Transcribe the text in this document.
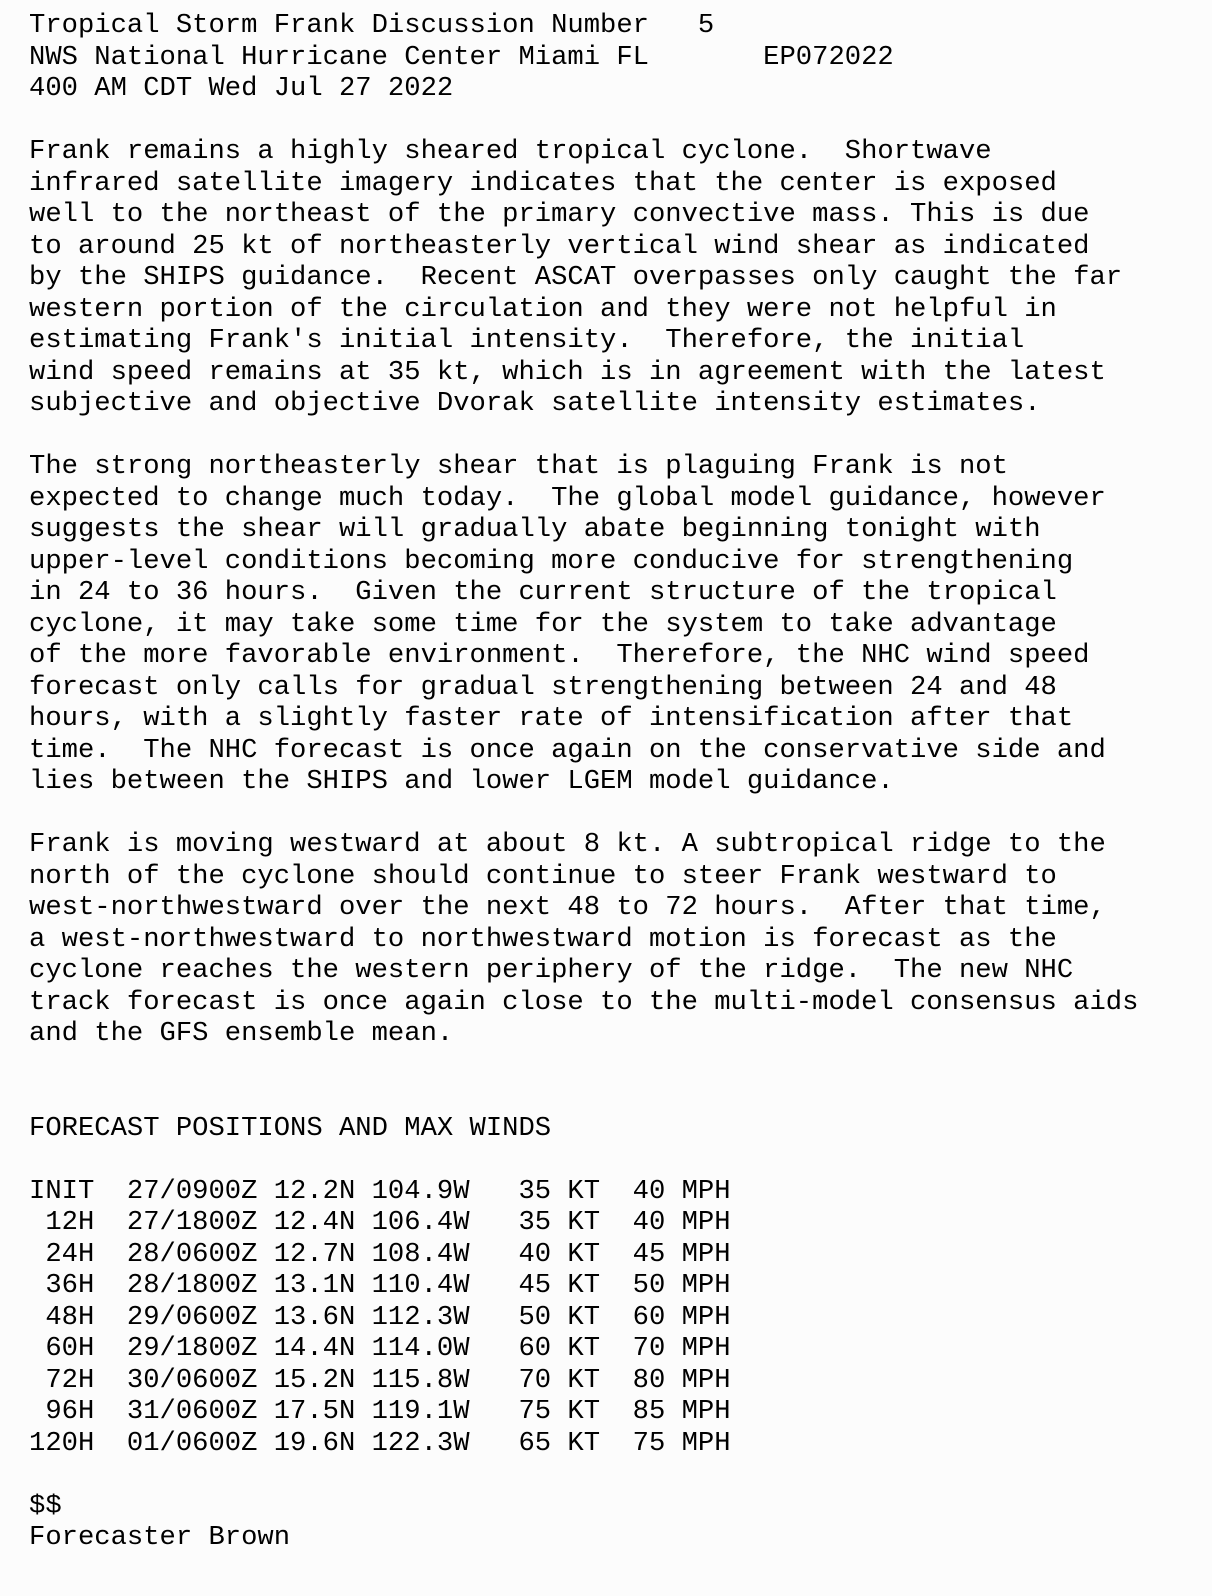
Tropical Storm Frank Discussion Number   5
NWS National Hurricane Center Miami FL       EP072022
400 AM CDT Wed Jul 27 2022
Frank remains a highly sheared tropical cyclone.  Shortwave
infrared satellite imagery indicates that the center is exposed
well to the northeast of the primary convective mass. This is due
to around 25 kt of northeasterly vertical wind shear as indicated
by the SHIPS guidance.  Recent ASCAT overpasses only caught the far
western portion of the circulation and they were not helpful in
estimating Frank's initial intensity.  Therefore, the initial
wind speed remains at 35 kt, which is in agreement with the latest
subjective and objective Dvorak satellite intensity estimates.
The strong northeasterly shear that is plaguing Frank is not
expected to change much today.  The global model guidance, however
suggests the shear will gradually abate beginning tonight with
upper-level conditions becoming more conducive for strengthening
in 24 to 36 hours.  Given the current structure of the tropical
cyclone, it may take some time for the system to take advantage
of the more favorable environment.  Therefore, the NHC wind speed
forecast only calls for gradual strengthening between 24 and 48
hours, with a slightly faster rate of intensification after that
time.  The NHC forecast is once again on the conservative side and
lies between the SHIPS and lower LGEM model guidance.
Frank is moving westward at about 8 kt. A subtropical ridge to the
north of the cyclone should continue to steer Frank westward to
west-northwestward over the next 48 to 72 hours.  After that time,
a west-northwestward to northwestward motion is forecast as the
cyclone reaches the western periphery of the ridge.  The new NHC
track forecast is once again close to the multi-model consensus aids
and the GFS ensemble mean.
FORECAST POSITIONS AND MAX WINDS
INIT  27/0900Z 12.2N 104.9W   35 KT  40 MPH
12H  27/1800Z 12.4N 106.4W   35 KT  40 MPH
24H  28/0600Z 12.7N 108.4W   40 KT  45 MPH
36H  28/1800Z 13.1N 110.4W   45 KT  50 MPH
48H  29/0600Z 13.6N 112.3W   50 KT  60 MPH
60H  29/1800Z 14.4N 114.0W   60 KT  70 MPH
72H  30/0600Z 15.2N 115.8W   70 KT  80 MPH
96H  31/0600Z 17.5N 119.1W   75 KT  85 MPH
120H  01/0600Z 19.6N 122.3W   65 KT  75 MPH
$$
Forecaster Brown
